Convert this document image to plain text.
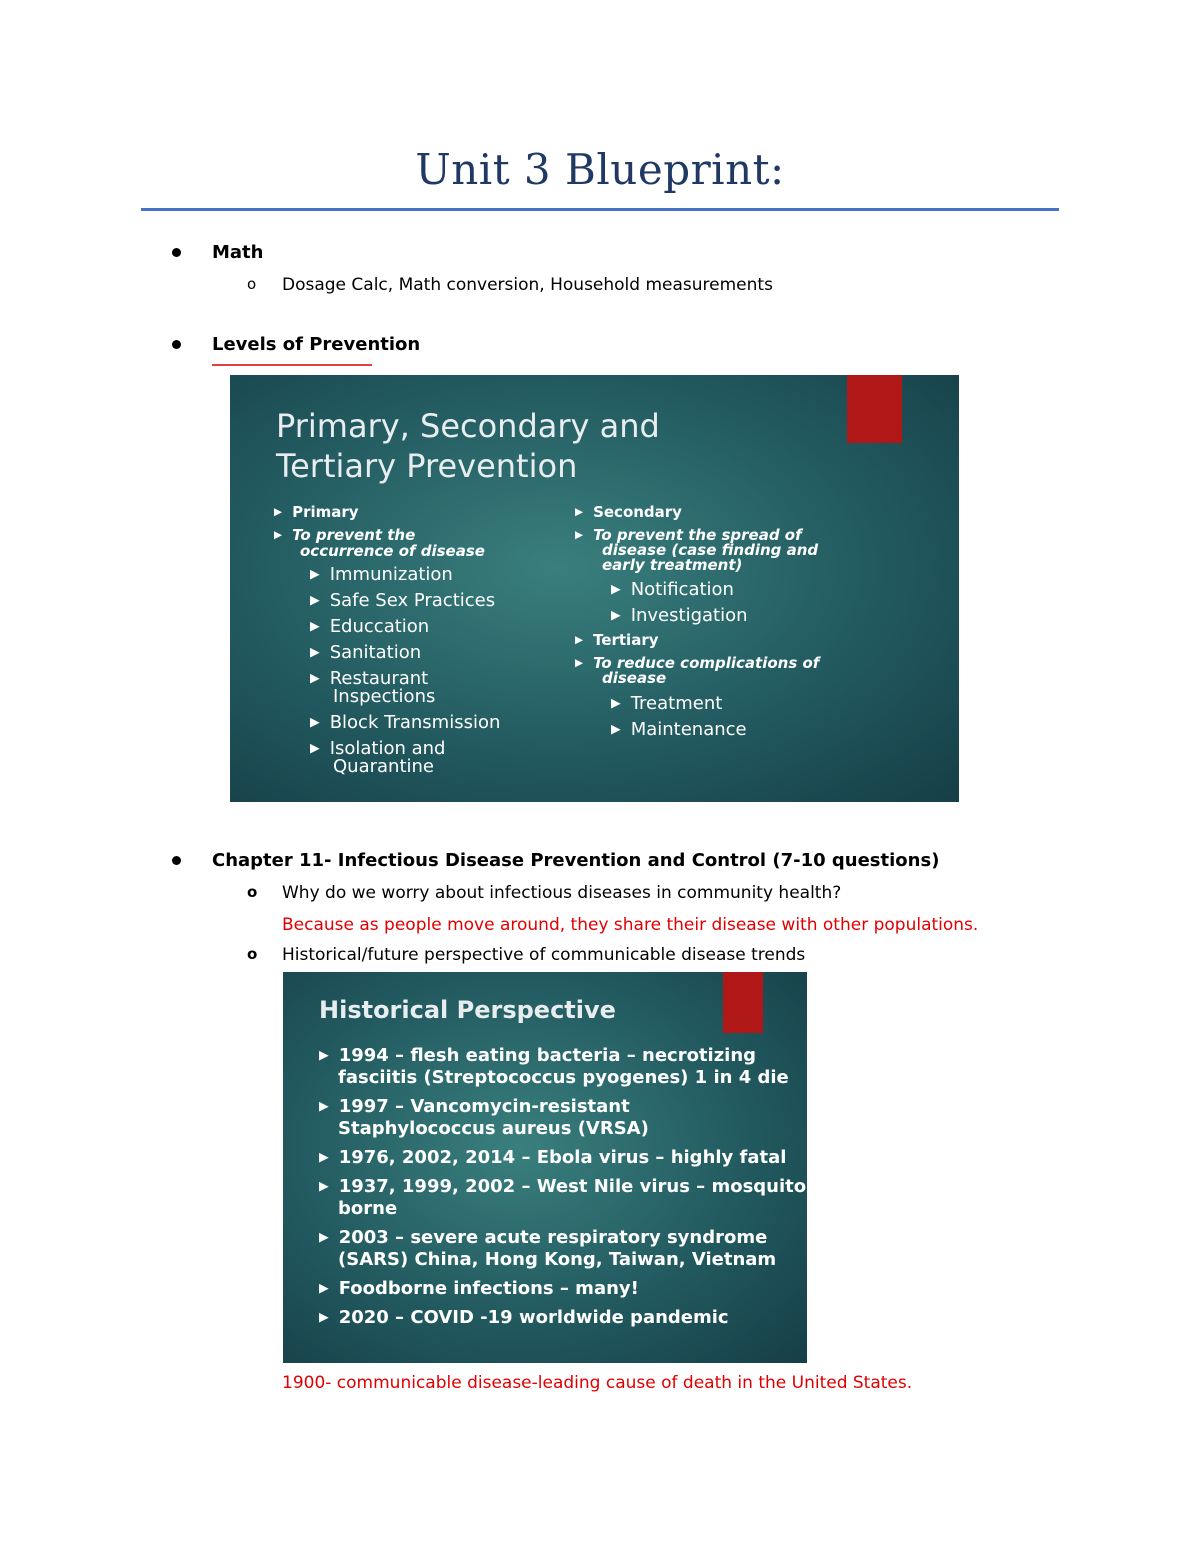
Unit 3 Blueprint:
Math
o Dosage Calc, Math conversion, Household measurements
Levels of Prevention
Primary, Secondary and
Tertiary Prevention
▶ Primary
▶ To prevent the
occurrence of disease
▶ Immunization
▶ Safe Sex Practices
▶ Educcation
▶ Sanitation
▶ Restaurant
Inspections
▶ Block Transmission
▶ Isolation and
Quarantine
▶ Secondary
▶ To prevent the spread of
disease (case finding and
early treatment)
▶ Notification
▶ Investigation
▶ Tertiary
▶ To reduce complications of
disease
▶ Treatment
▶ Maintenance
Chapter 11- Infectious Disease Prevention and Control (7-10 questions)
o Why do we worry about infectious diseases in community health?
Because as people move around, they share their disease with other populations.
o Historical/future perspective of communicable disease trends
Historical Perspective
▶ 1994 – flesh eating bacteria – necrotizing
fasciitis (Streptococcus pyogenes) 1 in 4 die
▶ 1997 – Vancomycin-resistant
Staphylococcus aureus (VRSA)
▶ 1976, 2002, 2014 – Ebola virus – highly fatal
▶ 1937, 1999, 2002 – West Nile virus – mosquito
borne
▶ 2003 – severe acute respiratory syndrome
(SARS) China, Hong Kong, Taiwan, Vietnam
▶ Foodborne infections – many!
▶ 2020 – COVID -19 worldwide pandemic
1900- communicable disease-leading cause of death in the United States.
